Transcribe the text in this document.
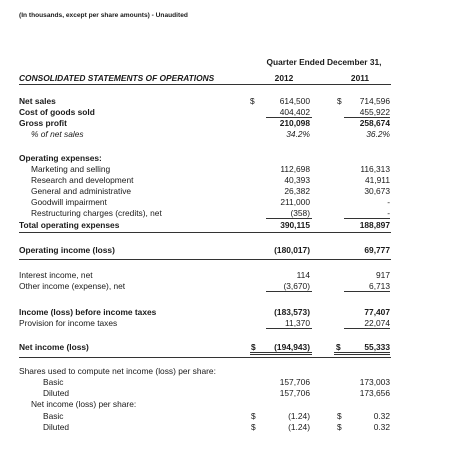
(In thousands, except per share amounts) - Unaudited
Quarter Ended December 31,
2012	2011
CONSOLIDATED STATEMENTS OF OPERATIONS
Net sales	$	614,500	$	714,596
Cost of goods sold	404,402	455,922
Gross profit	210,098	258,674
% of net sales	34.2%	36.2%
Operating expenses:
Marketing and selling	112,698	116,313
Research and development	40,393	41,911
General and administrative	26,382	30,673
Goodwill impairment	211,000	-
Restructuring charges (credits), net	(358)	-
Total operating expenses	390,115	188,897
Operating income (loss)	(180,017)	69,777
Interest income, net	114	917
Other income (expense), net	(3,670)	6,713
Income (loss) before income taxes	(183,573)	77,407
Provision for income taxes	11,370	22,074
Net income (loss)	$	(194,943)	$	55,333
Shares used to compute net income (loss) per share:
Basic	157,706	173,003
Diluted	157,706	173,656
Net income (loss) per share:
Basic	$	(1.24)	$	0.32
Diluted	$	(1.24)	$	0.32
